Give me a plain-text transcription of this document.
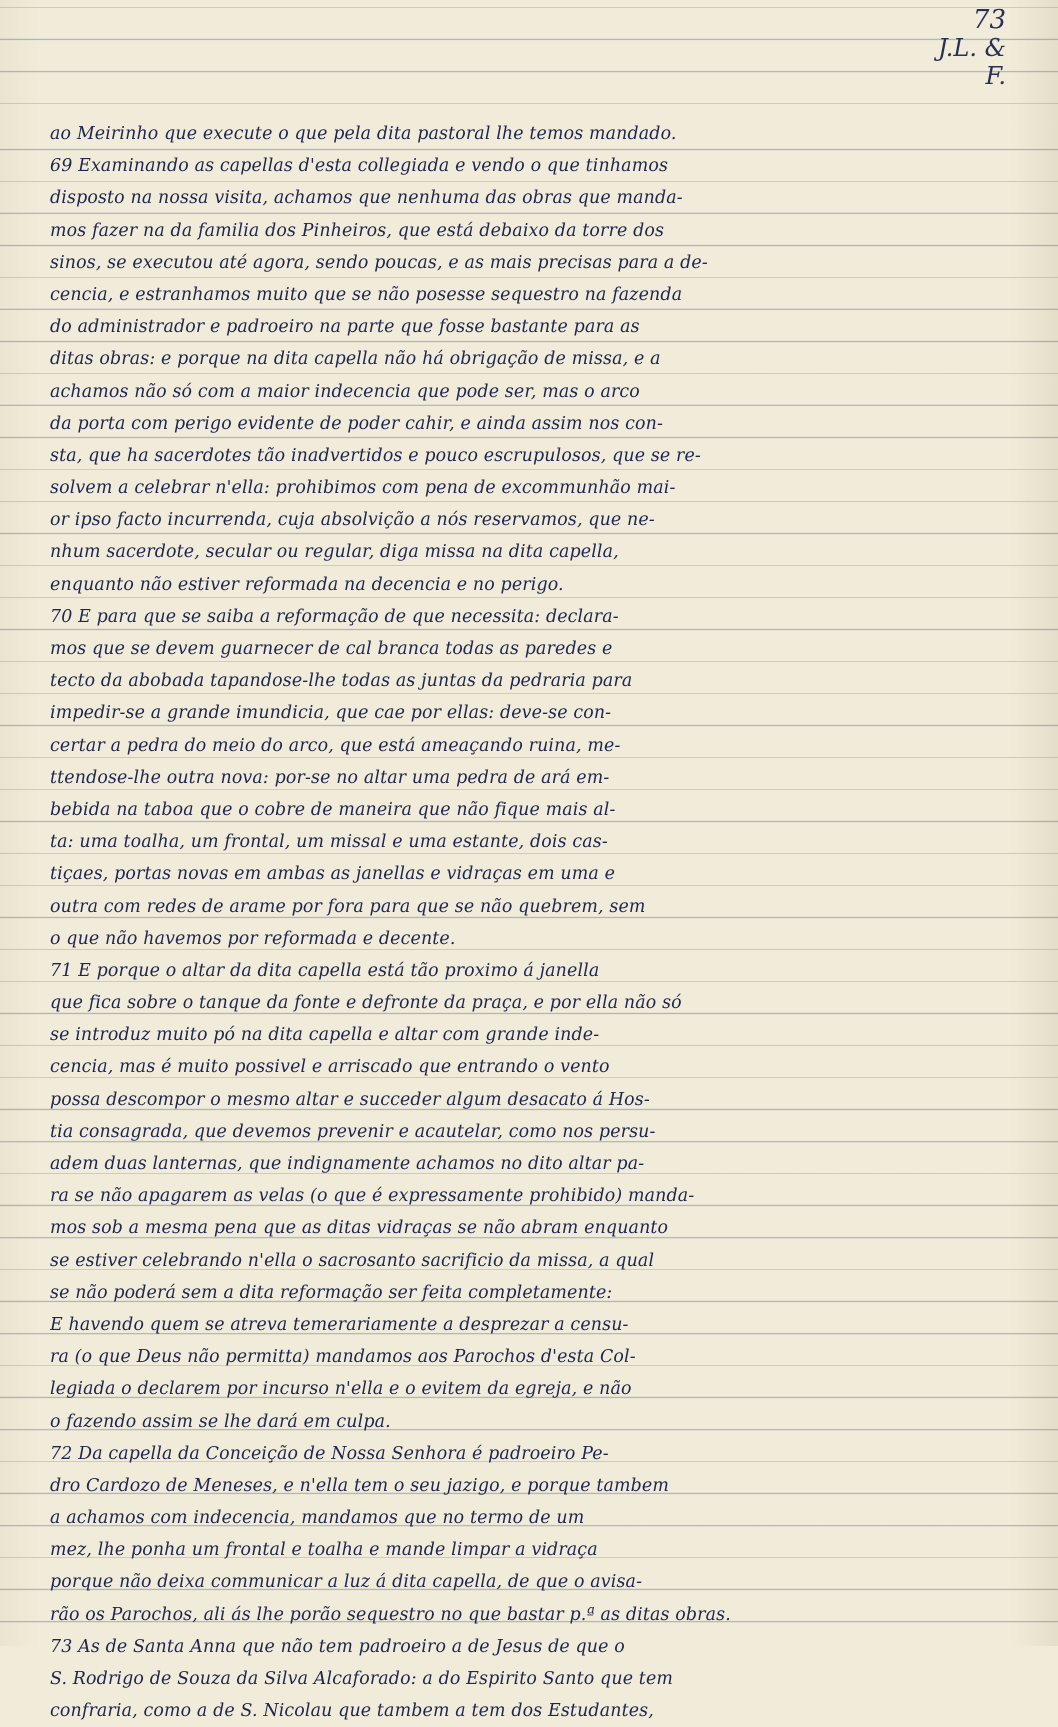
73
J.L. & F.
ao Meirinho que execute o que pela dita pastoral lhe temos mandado.
69 Examinando as capellas d'esta collegiada e vendo o que tinhamos
disposto na nossa visita, achamos que nenhuma das obras que manda-
mos fazer na da familia dos Pinheiros, que está debaixo da torre dos
sinos, se executou até agora, sendo poucas, e as mais precisas para a de-
cencia, e estranhamos muito que se não posesse sequestro na fazenda
do administrador e padroeiro na parte que fosse bastante para as
ditas obras: e porque na dita capella não há obrigação de missa, e a
achamos não só com a maior indecencia que pode ser, mas o arco
da porta com perigo evidente de poder cahir, e ainda assim nos con-
sta, que ha sacerdotes tão inadvertidos e pouco escrupulosos, que se re-
solvem a celebrar n'ella: prohibimos com pena de excommunhão mai-
or ipso facto incurrenda, cuja absolvição a nós reservamos, que ne-
nhum sacerdote, secular ou regular, diga missa na dita capella,
enquanto não estiver reformada na decencia e no perigo.
70 E para que se saiba a reformação de que necessita: declara-
mos que se devem guarnecer de cal branca todas as paredes e
tecto da abobada tapandose-lhe todas as juntas da pedraria para
impedir-se a grande imundicia, que cae por ellas: deve-se con-
certar a pedra do meio do arco, que está ameaçando ruina, me-
ttendose-lhe outra nova: por-se no altar uma pedra de ará em-
bebida na taboa que o cobre de maneira que não fique mais al-
ta: uma toalha, um frontal, um missal e uma estante, dois cas-
tiçaes, portas novas em ambas as janellas e vidraças em uma e
outra com redes de arame por fora para que se não quebrem, sem
o que não havemos por reformada e decente.
71 E porque o altar da dita capella está tão proximo á janella
que fica sobre o tanque da fonte e defronte da praça, e por ella não só
se introduz muito pó na dita capella e altar com grande inde-
cencia, mas é muito possivel e arriscado que entrando o vento
possa descompor o mesmo altar e succeder algum desacato á Hos-
tia consagrada, que devemos prevenir e acautelar, como nos persu-
adem duas lanternas, que indignamente achamos no dito altar pa-
ra se não apagarem as velas (o que é expressamente prohibido) manda-
mos sob a mesma pena que as ditas vidraças se não abram enquanto
se estiver celebrando n'ella o sacrosanto sacrificio da missa, a qual
se não poderá sem a dita reformação ser feita completamente:
E havendo quem se atreva temerariamente a desprezar a censu-
ra (o que Deus não permitta) mandamos aos Parochos d'esta Col-
legiada o declarem por incurso n'ella e o evitem da egreja, e não
o fazendo assim se lhe dará em culpa.
72 Da capella da Conceição de Nossa Senhora é padroeiro Pe-
dro Cardozo de Meneses, e n'ella tem o seu jazigo, e porque tambem
a achamos com indecencia, mandamos que no termo de um
mez, lhe ponha um frontal e toalha e mande limpar a vidraça
porque não deixa communicar a luz á dita capella, de que o avisa-
rão os Parochos, ali ás lhe porão sequestro no que bastar p.ª as ditas obras.
73 As de Santa Anna que não tem padroeiro a de Jesus de que o
S. Rodrigo de Souza da Silva Alcaforado: a do Espirito Santo que tem
confraria, como a de S. Nicolau que tambem a tem dos Estudantes,
